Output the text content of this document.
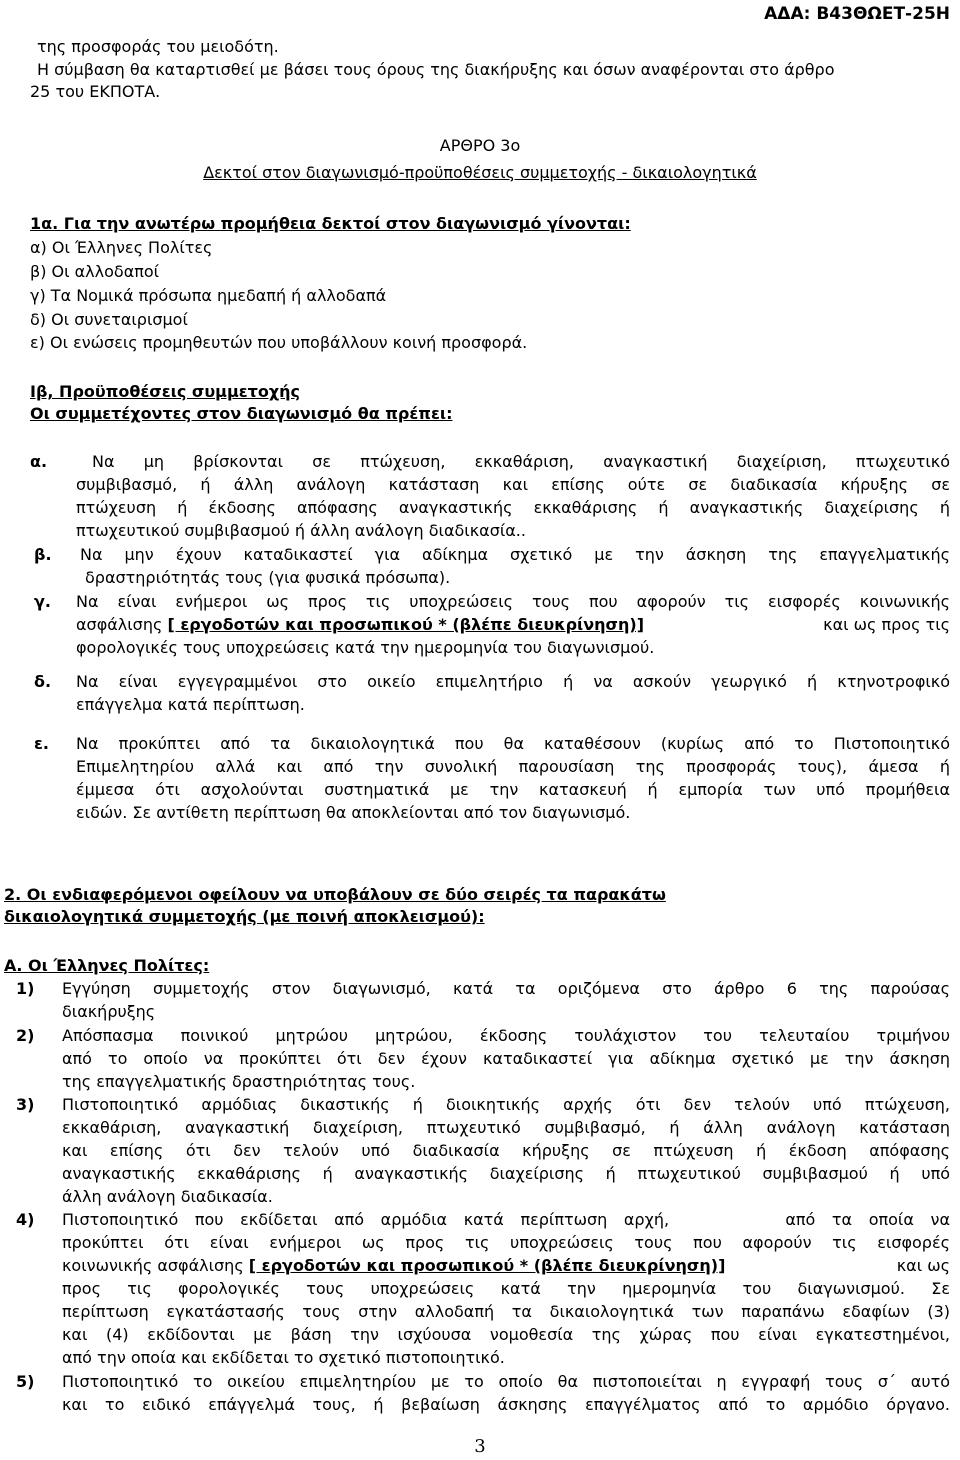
ΑΔΑ: Β43ΘΩΕΤ-25Η
της προσφοράς του μειοδότη.
Η σύμβαση θα καταρτισθεί με βάσει τους όρους της διακήρυξης και όσων αναφέρονται στο άρθρο
25 του ΕΚΠΟΤΑ.
ΑΡΘΡΟ 3ο
Δεκτοί στον διαγωνισμό-προϋποθέσεις συμμετοχής - δικαιολογητικά
1α. Για την ανωτέρω προμήθεια δεκτοί στον διαγωνισμό γίνονται:
α) Οι Έλληνες Πολίτες
β) Οι αλλοδαποί
γ) Τα Νομικά πρόσωπα ημεδαπή ή αλλοδαπά
δ) Οι συνεταιρισμοί
ε) Οι ενώσεις προμηθευτών που υποβάλλουν κοινή προσφορά.
Ιβ, Προϋποθέσεις συμμετοχής
Οι συμμετέχοντες στον διαγωνισμό θα πρέπει:
α.	Να μη βρίσκονται σε πτώχευση, εκκαθάριση, αναγκαστική διαχείριση, πτωχευτικό
συμβιβασμό, ή άλλη ανάλογη κατάσταση και επίσης ούτε σε διαδικασία κήρυξης σε
πτώχευση ή έκδοσης απόφασης αναγκαστικής εκκαθάρισης ή αναγκαστικής διαχείρισης ή
πτωχευτικού συμβιβασμού ή άλλη ανάλογη διαδικασία..
β. Να μην έχουν καταδικαστεί για αδίκημα σχετικό με την άσκηση της επαγγελματικής
δραστηριότητάς τους (για φυσικά πρόσωπα).
γ. Να είναι ενήμεροι ως προς τις υποχρεώσεις τους που αφορούν τις εισφορές κοινωνικής
ασφάλισης [ εργοδοτών και προσωπικού * (βλέπε διευκρίνηση)]	και ως προς τις
φορολογικές τους υποχρεώσεις κατά την ημερομηνία του διαγωνισμού.
δ. Να είναι εγγεγραμμένοι στο οικείο επιμελητήριο ή να ασκούν γεωργικό ή κτηνοτροφικό
επάγγελμα κατά περίπτωση.
ε. Να προκύπτει από τα δικαιολογητικά που θα καταθέσουν (κυρίως από το Πιστοποιητικό
Επιμελητηρίου αλλά και από την συνολική παρουσίαση της προσφοράς τους), άμεσα ή
έμμεσα ότι ασχολούνται συστηματικά με την κατασκευή ή εμπορία των υπό προμήθεια
ειδών. Σε αντίθετη περίπτωση θα αποκλείονται από τον διαγωνισμό.
2. Οι ενδιαφερόμενοι οφείλουν να υποβάλουν σε δύο σειρές τα παρακάτω
δικαιολογητικά συμμετοχής (με ποινή αποκλεισμού):
Α. Οι Έλληνες Πολίτες:
1) Εγγύηση συμμετοχής στον διαγωνισμό, κατά τα οριζόμενα στο άρθρο 6 της παρούσας
διακήρυξης
2) Απόσπασμα ποινικού μητρώου μητρώου, έκδοσης τουλάχιστον του τελευταίου τριμήνου
από το οποίο να προκύπτει ότι δεν έχουν καταδικαστεί για αδίκημα σχετικό με την άσκηση
της επαγγελματικής δραστηριότητας τους.
3) Πιστοποιητικό αρμόδιας δικαστικής ή διοικητικής αρχής ότι δεν τελούν υπό πτώχευση,
εκκαθάριση, αναγκαστική διαχείριση, πτωχευτικό συμβιβασμό, ή άλλη ανάλογη κατάσταση
και επίσης ότι δεν τελούν υπό διαδικασία κήρυξης σε πτώχευση ή έκδοση απόφασης
αναγκαστικής εκκαθάρισης ή αναγκαστικής διαχείρισης ή πτωχευτικού συμβιβασμού ή υπό
άλλη ανάλογη διαδικασία.
4) Πιστοποιητικό που εκδίδεται από αρμόδια κατά περίπτωση αρχή,       από τα οποία να
προκύπτει ότι είναι ενήμεροι ως προς τις υποχρεώσεις τους που αφορούν τις εισφορές
κοινωνικής ασφάλισης [ εργοδοτών και προσωπικού * (βλέπε διευκρίνηση)]	και ως
προς τις φορολογικές τους υποχρεώσεις κατά την ημερομηνία του διαγωνισμού. Σε
περίπτωση εγκατάστασής τους στην αλλοδαπή τα δικαιολογητικά των παραπάνω εδαφίων (3)
και (4) εκδίδονται με βάση την ισχύουσα νομοθεσία της χώρας που είναι εγκατεστημένοι,
από την οποία και εκδίδεται το σχετικό πιστοποιητικό.
5) Πιστοποιητικό το οικείου επιμελητηρίου με το οποίο θα πιστοποιείται η εγγραφή τους σ΄ αυτό
και το ειδικό επάγγελμά τους, ή βεβαίωση άσκησης επαγγέλματος από το αρμόδιο όργανο.
3
